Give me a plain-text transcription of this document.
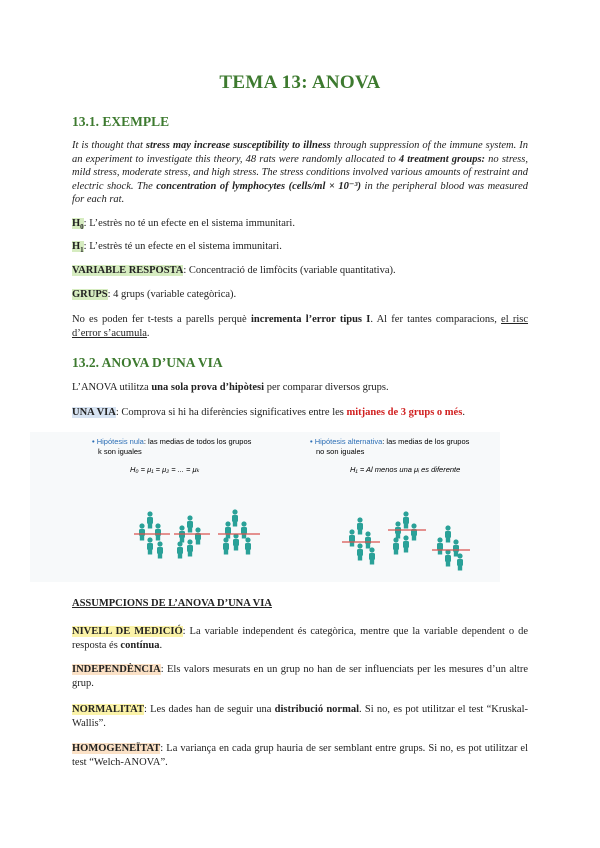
TEMA 13: ANOVA
13.1. EXEMPLE
It is thought that stress may increase susceptibility to illness through suppression of the immune system. In an experiment to investigate this theory, 48 rats were randomly allocated to 4 treatment groups: no stress, mild stress, moderate stress, and high stress. The stress conditions involved various amounts of restraint and electric shock. The concentration of lymphocytes (cells/ml × 10⁻³) in the peripheral blood was measured for each rat.
$H_0$: L’estrès no té un efecte en el sistema immunitari.
$H_1$: L’estrès té un efecte en el sistema immunitari.
VARIABLE RESPOSTA: Concentració de limfòcits (variable quantitativa).
GRUPS: 4 grups (variable categòrica).
No es poden fer t-tests a parells perquè incrementa l’error tipus I. Al fer tantes comparacions, el risc d’error s’acumula.
13.2. ANOVA D’UNA VIA
L’ANOVA utilitza una sola prova d’hipòtesi per comparar diversos grups.
UNA VIA: Comprova si hi ha diferències significatives entre les mitjanes de 3 grups o més.
ASSUMPCIONS DE L’ANOVA D’UNA VIA
NIVELL DE MEDICIÓ: La variable independent és categòrica, mentre que la variable dependent o de resposta és contínua.
INDEPENDÈNCIA: Els valors mesurats en un grup no han de ser influenciats per les mesures d’un altre grup.
NORMALITAT: Les dades han de seguir una distribució normal. Si no, es pot utilitzar el test “Kruskal-Wallis”.
HOMOGENEÏTAT: La variança en cada grup hauria de ser semblant entre grups. Si no, es pot utilitzar el test “Welch-ANOVA”.
• Hipótesis nula: las medias de todos los grupos
k son iguales
H₀ = μ₁ = μ₂ = ... = μₖ
• Hipótesis alternativa: las medias de los grupos
no son iguales
H₁ = Al menos una μᵢ es diferente
